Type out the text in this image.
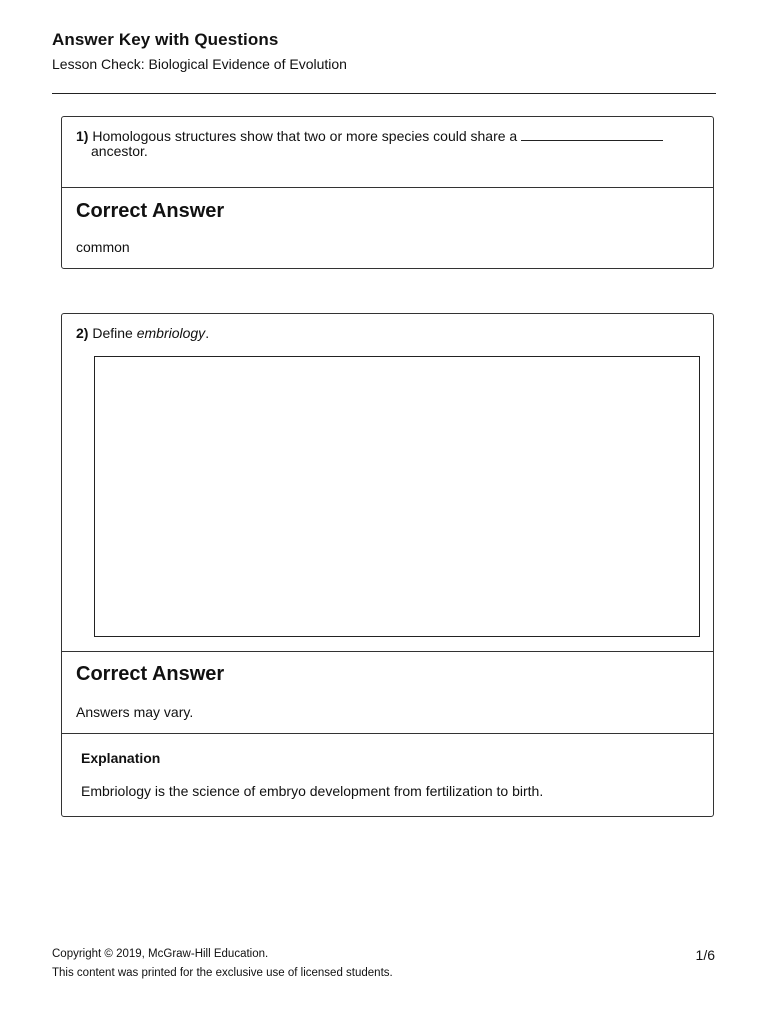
Answer Key with Questions
Lesson Check: Biological Evidence of Evolution
1) Homologous structures show that two or more species could share a
ancestor.
Correct Answer
common
2) Define embriology.
Correct Answer
Answers may vary.
Explanation
Embriology is the science of embryo development from fertilization to birth.
Copyright © 2019, McGraw-Hill Education.
This content was printed for the exclusive use of licensed students.
1/6
